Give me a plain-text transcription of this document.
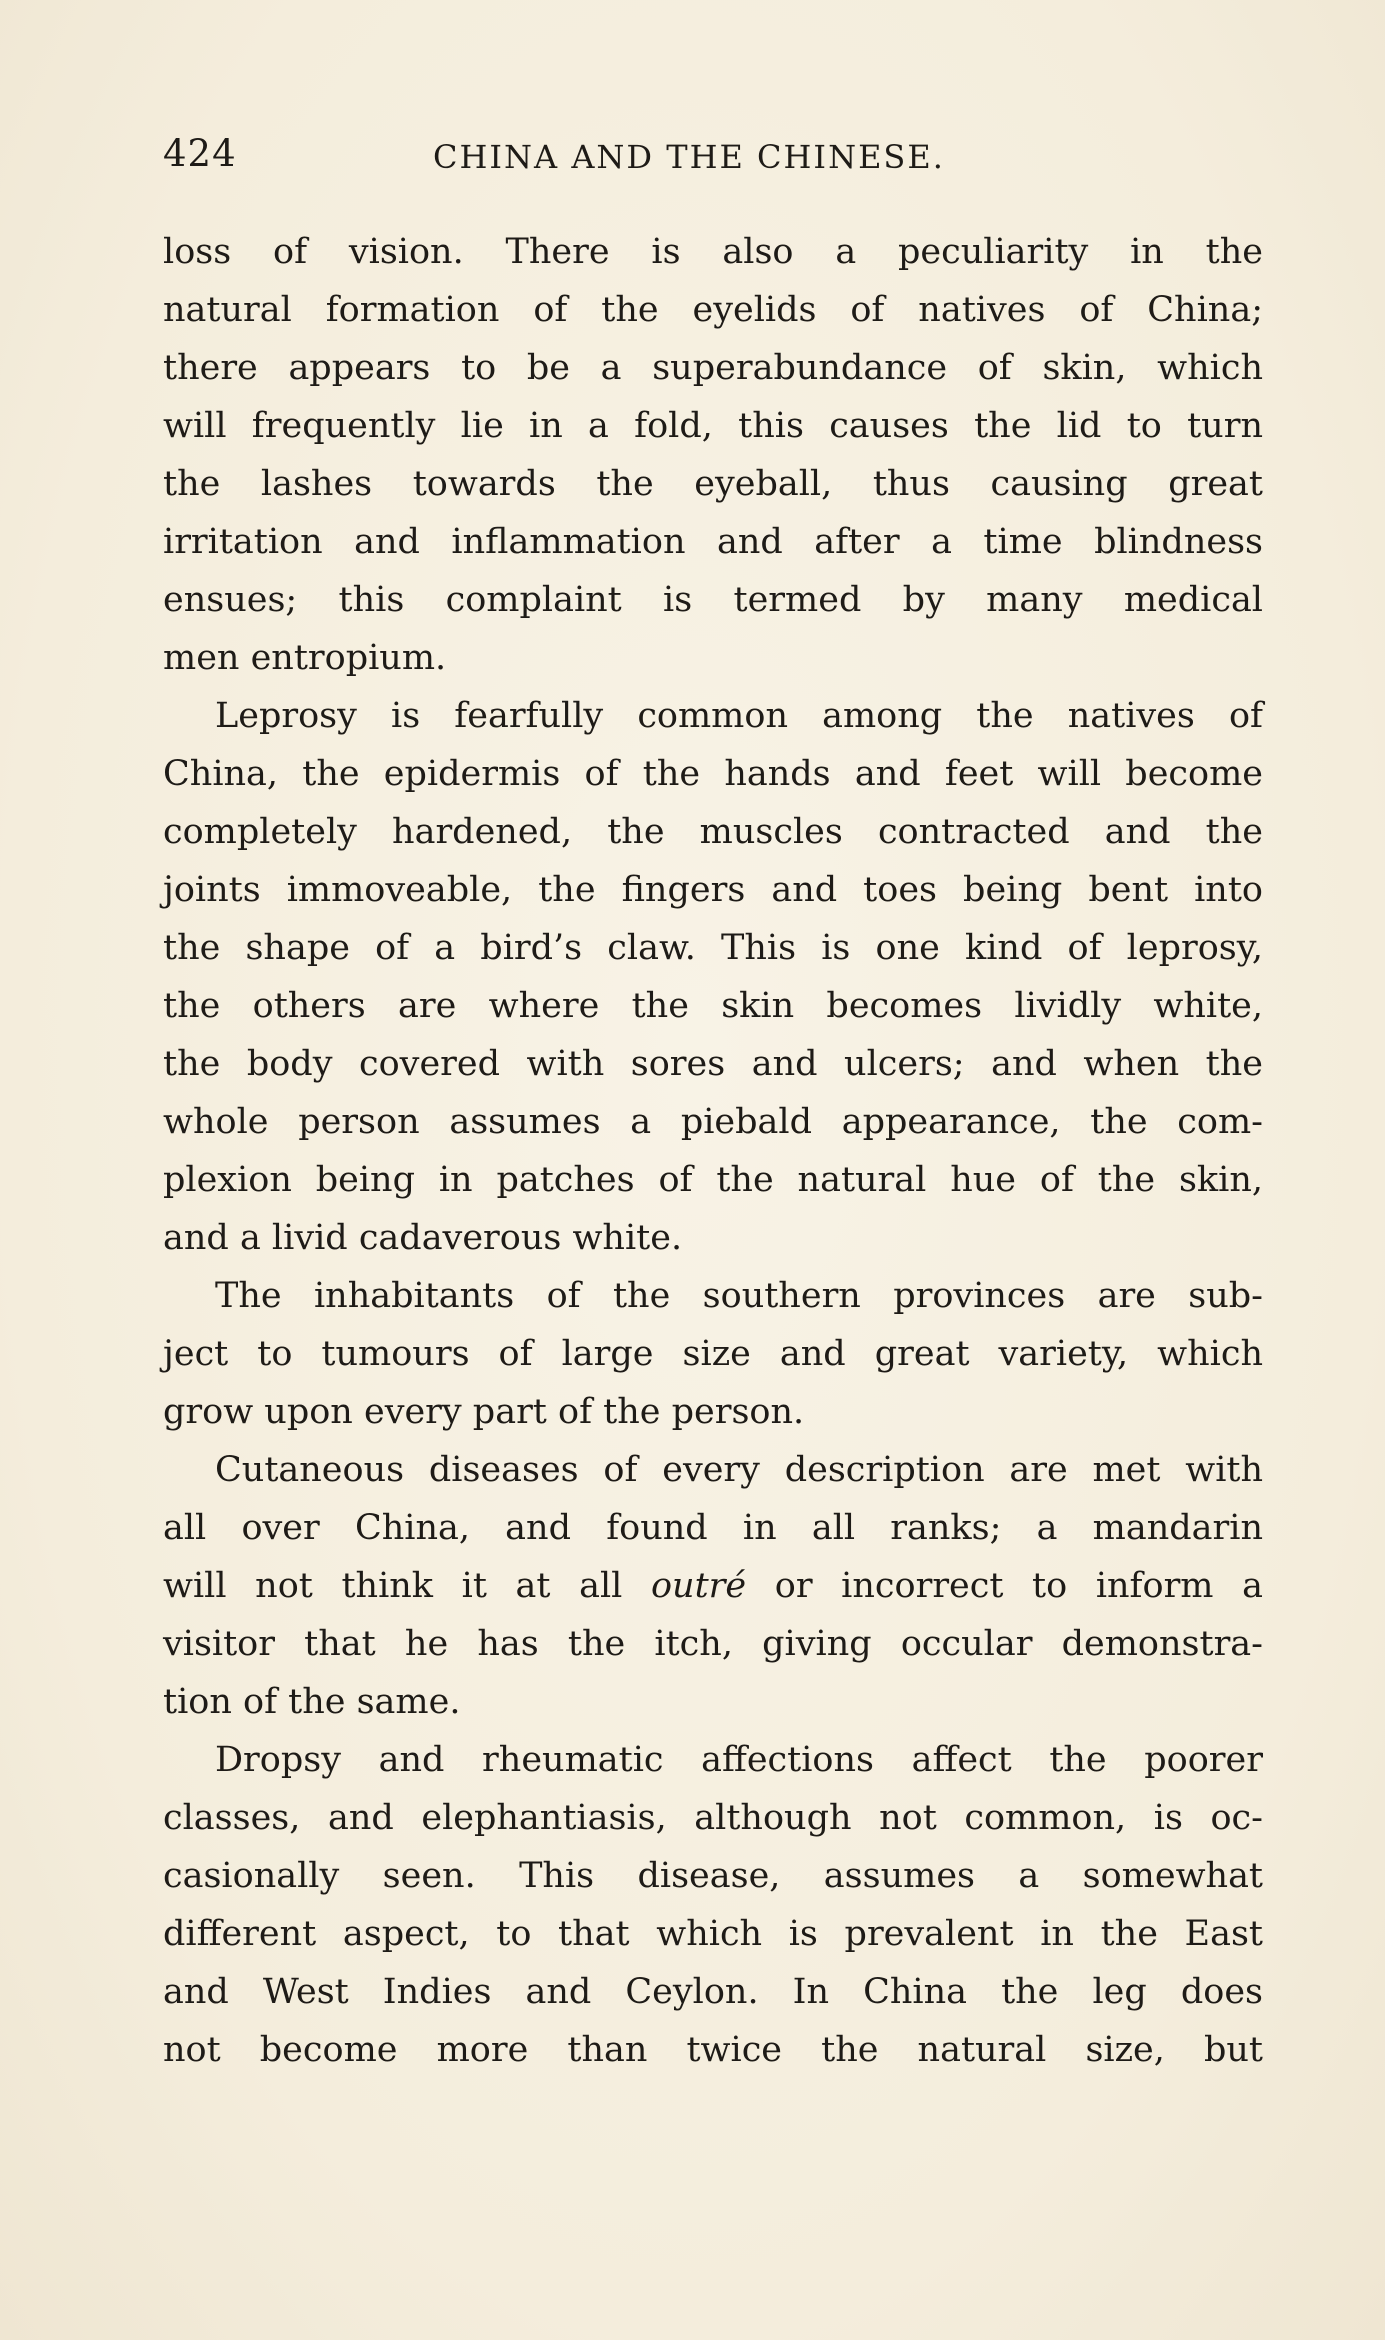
424	CHINA AND THE CHINESE.
loss of vision. There is also a peculiarity in the
natural formation of the eyelids of natives of China;
there appears to be a superabundance of skin, which
will frequently lie in a fold, this causes the lid to turn
the lashes towards the eyeball, thus causing great
irritation and inflammation and after a time blindness
ensues; this complaint is termed by many medical
men entropium.
Leprosy is fearfully common among the natives of
China, the epidermis of the hands and feet will become
completely hardened, the muscles contracted and the
joints immoveable, the fingers and toes being bent into
the shape of a bird’s claw. This is one kind of leprosy,
the others are where the skin becomes lividly white,
the body covered with sores and ulcers; and when the
whole person assumes a piebald appearance, the com-
plexion being in patches of the natural hue of the skin,
and a livid cadaverous white.
The inhabitants of the southern provinces are sub-
ject to tumours of large size and great variety, which
grow upon every part of the person.
Cutaneous diseases of every description are met with
all over China, and found in all ranks; a mandarin
will not think it at all outré or incorrect to inform a
visitor that he has the itch, giving occular demonstra-
tion of the same.
Dropsy and rheumatic affections affect the poorer
classes, and elephantiasis, although not common, is oc-
casionally seen. This disease, assumes a somewhat
different aspect, to that which is prevalent in the East
and West Indies and Ceylon. In China the leg does
not become more than twice the natural size, but
